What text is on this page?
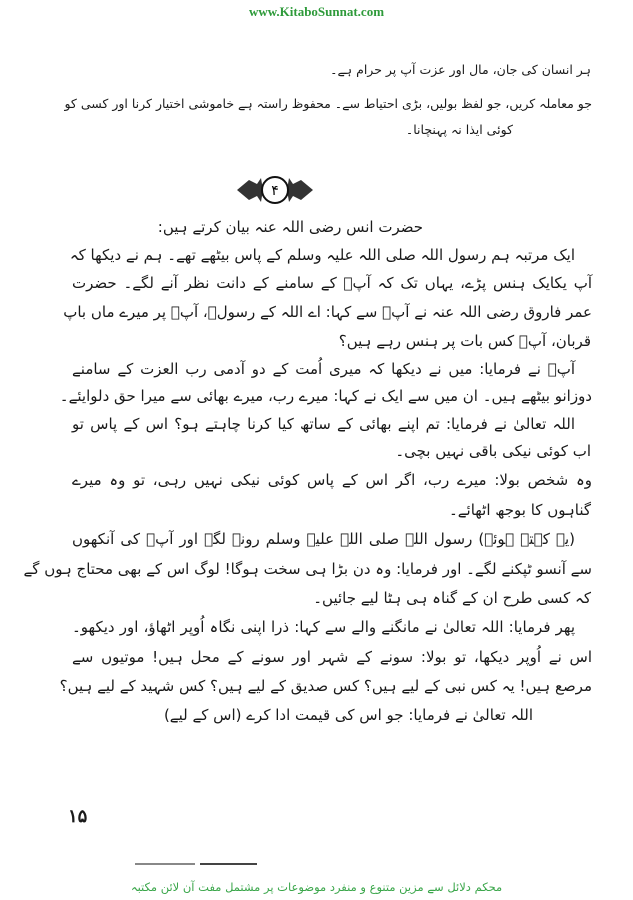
www.KitaboSunnat.com
ہر انسان کی جان، مال اور عزت آپ پر حرام ہے۔
جو معاملہ کریں، جو لفظ بولیں، بڑی احتیاط سے۔ محفوظ راستہ ہے خاموشی اختیار کرنا اور کسی کو
کوئی ایذا نہ پہنچانا۔
۴
حضرت انس رضی اللہ عنہ بیان کرتے ہیں:
ایک مرتبہ ہم رسول اللہ صلی اللہ علیہ وسلم کے پاس بیٹھے تھے۔ ہم نے دیکھا کہ
آپ یکایک ہنس پڑے، یہاں تک کہ آپؐ کے سامنے کے دانت نظر آنے لگے۔ حضرت
عمر فاروق رضی اللہ عنہ نے آپؐ سے کہا: اے اللہ کے رسولؐ، آپؐ پر میرے ماں باپ
قربان، آپؐ کس بات پر ہنس رہے ہیں؟
آپؐ نے فرمایا: میں نے دیکھا کہ میری اُمت کے دو آدمی رب العزت کے سامنے
دوزانو بیٹھے ہیں۔ ان میں سے ایک نے کہا: میرے رب، میرے بھائی سے میرا حق دلوایئے۔
اللہ تعالیٰ نے فرمایا: تم اپنے بھائی کے ساتھ کیا کرنا چاہتے ہو؟ اس کے پاس تو
اب کوئی نیکی باقی نہیں بچی۔
وہ شخص بولا: میرے رب، اگر اس کے پاس کوئی نیکی نہیں رہی، تو وہ میرے
گناہوں کا بوجھ اٹھائے۔
(یہ کہتے ہوئے) رسول اللہ صلی اللہ علیہ وسلم رونے لگے اور آپؐ کی آنکھوں
سے آنسو ٹپکنے لگے۔ اور فرمایا: وہ دن بڑا ہی سخت ہوگا! لوگ اس کے بھی محتاج ہوں گے
کہ کسی طرح ان کے گناہ ہی ہٹا لیے جائیں۔
پھر فرمایا: اللہ تعالیٰ نے مانگنے والے سے کہا: ذرا اپنی نگاہ اُوپر اٹھاؤ، اور دیکھو۔
اس نے اُوپر دیکھا، تو بولا: سونے کے شہر اور سونے کے محل ہیں! موتیوں سے
مرصع ہیں! یہ کس نبی کے لیے ہیں؟ کس صدیق کے لیے ہیں؟ کس شہید کے لیے ہیں؟
اللہ تعالیٰ نے فرمایا: جو اس کی قیمت ادا کرے (اس کے لیے)
۱۵
محکم دلائل سے مزین متنوع و منفرد موضوعات پر مشتمل مفت آن لائن مکتبہ
